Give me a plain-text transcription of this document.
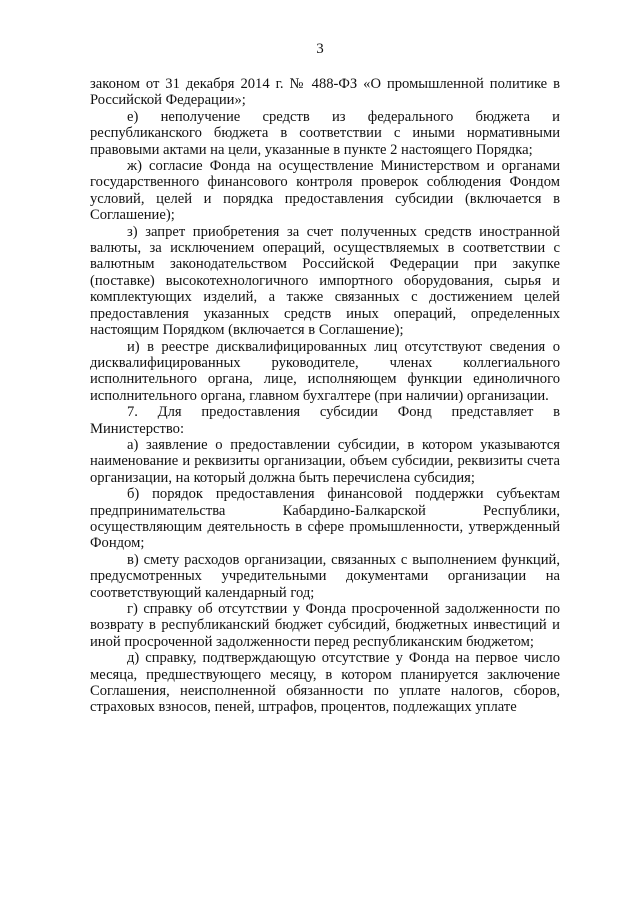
3

законом от 31 декабря 2014 г. № 488-ФЗ «О промышленной политике в Российской Федерации»;

е) неполучение средств из федерального бюджета и республиканского бюджета в соответствии с иными нормативными правовыми актами на цели, указанные в пункте 2 настоящего Порядка;

ж) согласие Фонда на осуществление Министерством и органами государственного финансового контроля проверок соблюдения Фондом условий, целей и порядка предоставления субсидии (включается в Соглашение);

з) запрет приобретения за счет полученных средств иностранной валюты, за исключением операций, осуществляемых в соответствии с валютным законодательством Российской Федерации при закупке (поставке) высокотехнологичного импортного оборудования, сырья и комплектующих изделий, а также связанных с достижением целей предоставления указанных средств иных операций, определенных настоящим Порядком (включается в Соглашение);

и) в реестре дисквалифицированных лиц отсутствуют сведения о дисквалифицированных руководителе, членах коллегиального исполнительного органа, лице, исполняющем функции единоличного исполнительного органа, главном бухгалтере (при наличии) организации.

7. Для предоставления субсидии Фонд представляет в Министерство:

а) заявление о предоставлении субсидии, в котором указываются наименование и реквизиты организации, объем субсидии, реквизиты счета организации, на который должна быть перечислена субсидия;

б) порядок предоставления финансовой поддержки субъектам предпринимательства Кабардино-Балкарской Республики, осуществляющим деятельность в сфере промышленности, утвержденный Фондом;

в) смету расходов организации, связанных с выполнением функций, предусмотренных учредительными документами организации на соответствующий календарный год;

г) справку об отсутствии у Фонда просроченной задолженности по возврату в республиканский бюджет субсидий, бюджетных инвестиций и иной просроченной задолженности перед республиканским бюджетом;

д) справку, подтверждающую отсутствие у Фонда на первое число месяца, предшествующего месяцу, в котором планируется заключение Соглашения, неисполненной обязанности по уплате налогов, сборов, страховых взносов, пеней, штрафов, процентов, подлежащих уплате
